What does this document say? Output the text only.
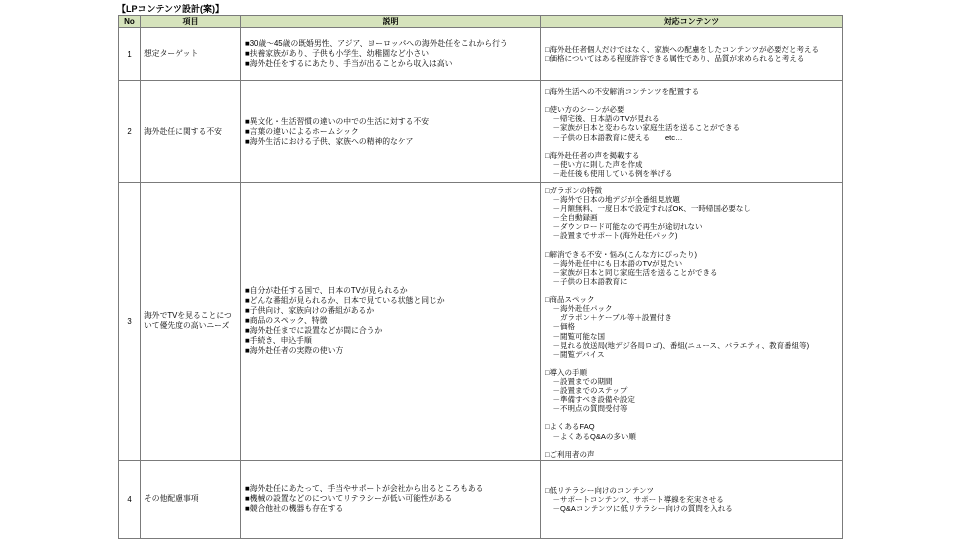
【LPコンテンツ設計(案)】
No	項目	説明	対応コンテンツ
1	想定ターゲット	■30歳～45歳の既婚男性、アジア、ヨーロッパへの海外赴任をこれから行う
■扶養家族があり、子供も小学生、幼稚園など小さい
■海外赴任をするにあたり、手当が出ることから収入は高い	□海外赴任者個人だけではなく、家族への配慮をしたコンテンツが必要だと考える
□価格についてはある程度許容できる属性であり、品質が求められると考える
2	海外赴任に関する不安	■異文化・生活習慣の違いの中での生活に対する不安
■言葉の違いによるホームシック
■海外生活における子供、家族への精神的なケア	□海外生活への不安解消コンテンツを配置する

□使い方のシーンが必要
　－帰宅後、日本語のTVが見れる
　－家族が日本と変わらない家庭生活を送ることができる
　－子供の日本語教育に使える　　etc…

□海外赴任者の声を掲載する
　－使い方に則した声を作成
　－赴任後も使用している例を挙げる
3	海外でTVを見ることについて優先度の高いニーズ	■自分が赴任する国で、日本のTVが見られるか
■どんな番組が見られるか、日本で見ている状態と同じか
■子供向け、家族向けの番組があるか
■商品のスペック、特徴
■海外赴任までに設置などが間に合うか
■手続き、申込手順
■海外赴任者の実際の使い方	□ガラポンの特徴
　－海外で日本の地デジが全番組見放題
　－月額無料、一度日本で設定すればOK、一時帰国必要なし
　－全自動録画
　－ダウンロード可能なので再生が途切れない
　－設置までサポート(海外赴任パック)

□解消できる不安・悩み(こんな方にぴったり)
　－海外赴任中にも日本語のTVが見たい
　－家族が日本と同じ家庭生活を送ることができる
　－子供の日本語教育に

□商品スペック
　－海外赴任パック
　　ガラポン＋ケーブル等＋設置付き
　－価格
　－閲覧可能な国
　－見れる放送局(地デジ各局ロゴ)、番組(ニュース、バラエティ、教育番組等)
　－閲覧デバイス

□導入の手順
　－設置までの期間
　－設置までのステップ
　－準備すべき設備や設定
　－不明点の質問受付等

□よくあるFAQ
　－よくあるQ&Aの多い順

□ご利用者の声
4	その他配慮事項	■海外赴任にあたって、手当やサポートが会社から出るところもある
■機械の設置などのについてリテラシーが低い可能性がある
■競合他社の機器も存在する	□低リテラシー向けのコンテンツ
　－サポートコンテンツ、サポート導線を充実させる
　－Q&Aコンテンツに低リテラシー向けの質問を入れる
